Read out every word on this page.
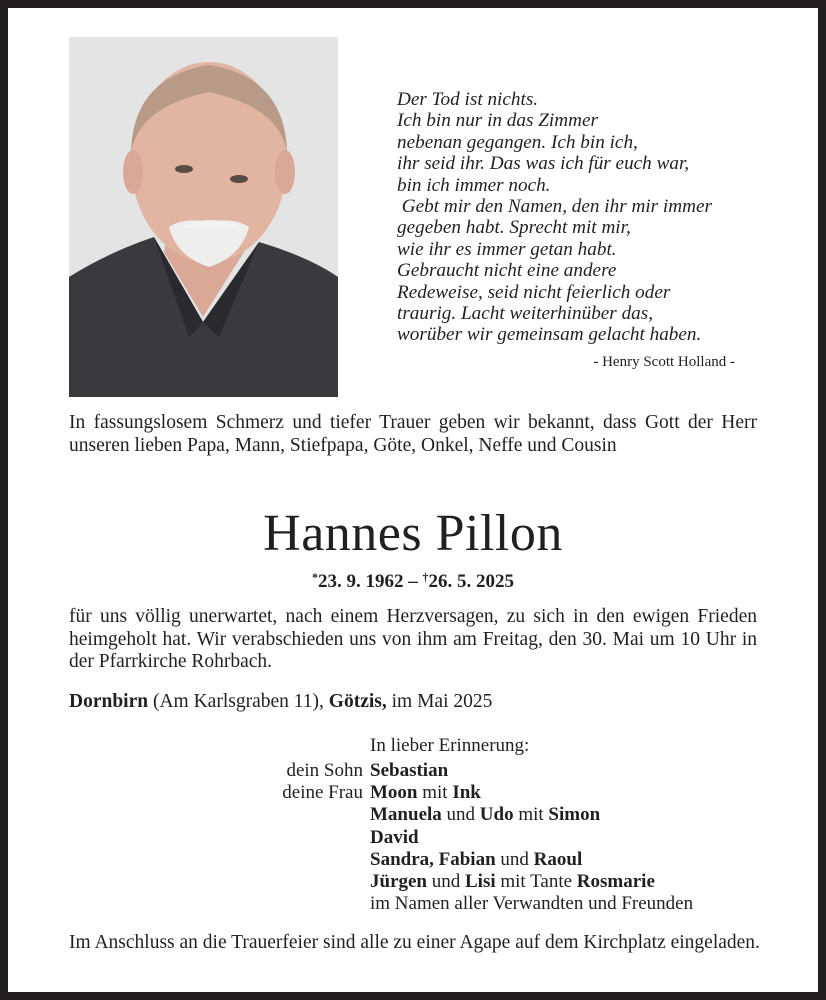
Der Tod ist nichts.
Ich bin nur in das Zimmer
nebenan gegangen. Ich bin ich,
ihr seid ihr. Das was ich für euch war,
bin ich immer noch.
Gebt mir den Namen, den ihr mir immer
gegeben habt. Sprecht mit mir,
wie ihr es immer getan habt.
Gebraucht nicht eine andere
Redeweise, seid nicht feierlich oder
traurig. Lacht weiterhinüber das,
worüber wir gemeinsam gelacht haben.
- Henry Scott Holland -
In fassungslosem Schmerz und tiefer Trauer geben wir bekannt, dass Gott der Herr unseren lieben Papa, Mann, Stiefpapa, Göte, Onkel, Neffe und Cousin
Hannes Pillon
*23. 9. 1962 – †26. 5. 2025
für uns völlig unerwartet, nach einem Herzversagen, zu sich in den ewigen Frieden heimgeholt hat. Wir verabschieden uns von ihm am Freitag, den 30. Mai um 10 Uhr in der Pfarrkirche Rohrbach.
Dornbirn (Am Karlsgraben 11), Götzis, im Mai 2025
In lieber Erinnerung:
dein Sohn
deine Frau
Sebastian
Moon mit Ink
Manuela und Udo mit Simon
David
Sandra, Fabian und Raoul
Jürgen und Lisi mit Tante Rosmarie
im Namen aller Verwandten und Freunden
Im Anschluss an die Trauerfeier sind alle zu einer Agape auf dem Kirchplatz eingeladen.
